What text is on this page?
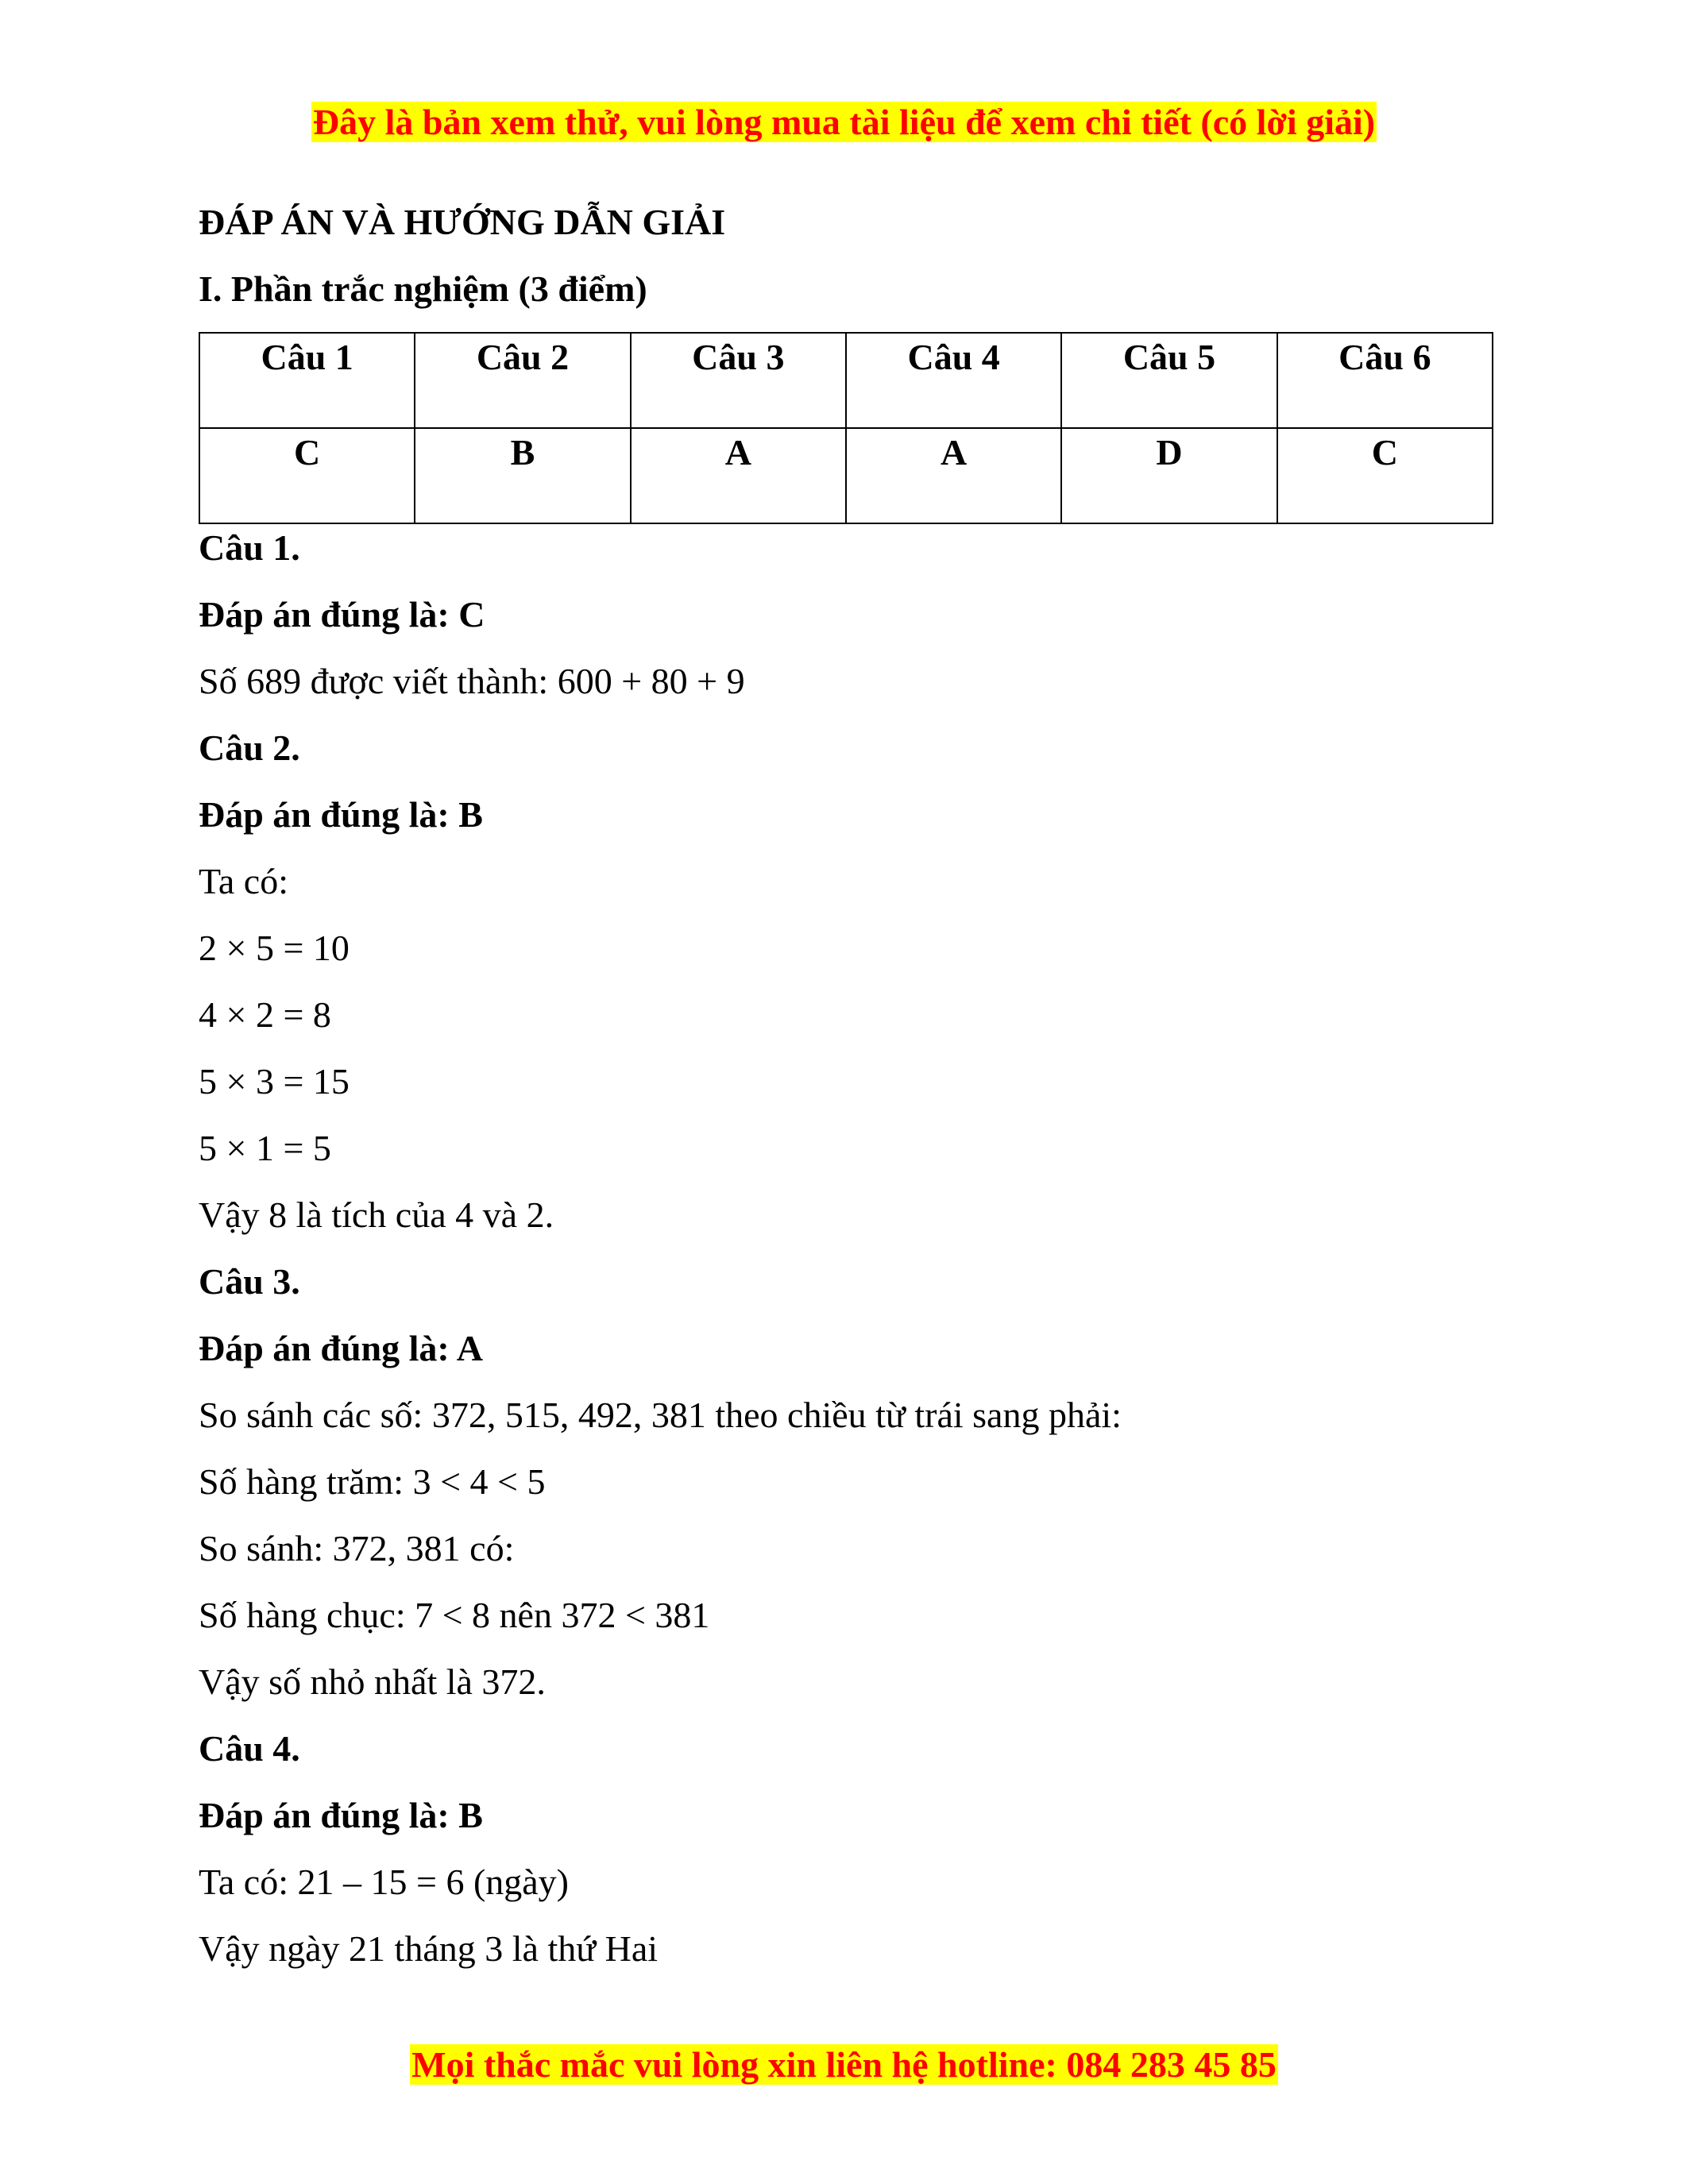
Đây là bản xem thử, vui lòng mua tài liệu để xem chi tiết (có lời giải)
ĐÁP ÁN VÀ HƯỚNG DẪN GIẢI
I. Phần trắc nghiệm (3 điểm)
Câu 1	Câu 2	Câu 3	Câu 4	Câu 5	Câu 6
C	B	A	A	D	C
Câu 1.
Đáp án đúng là: C
Số 689 được viết thành: 600 + 80 + 9
Câu 2.
Đáp án đúng là: B
Ta có:
2 × 5 = 10
4 × 2 = 8
5 × 3 = 15
5 × 1 = 5
Vậy 8 là tích của 4 và 2.
Câu 3.
Đáp án đúng là: A
So sánh các số: 372, 515, 492, 381 theo chiều từ trái sang phải:
Số hàng trăm: 3 < 4 < 5
So sánh: 372, 381 có:
Số hàng chục: 7 < 8 nên 372 < 381
Vậy số nhỏ nhất là 372.
Câu 4.
Đáp án đúng là: B
Ta có: 21 – 15 = 6 (ngày)
Vậy ngày 21 tháng 3 là thứ Hai
Mọi thắc mắc vui lòng xin liên hệ hotline: 084 283 45 85
